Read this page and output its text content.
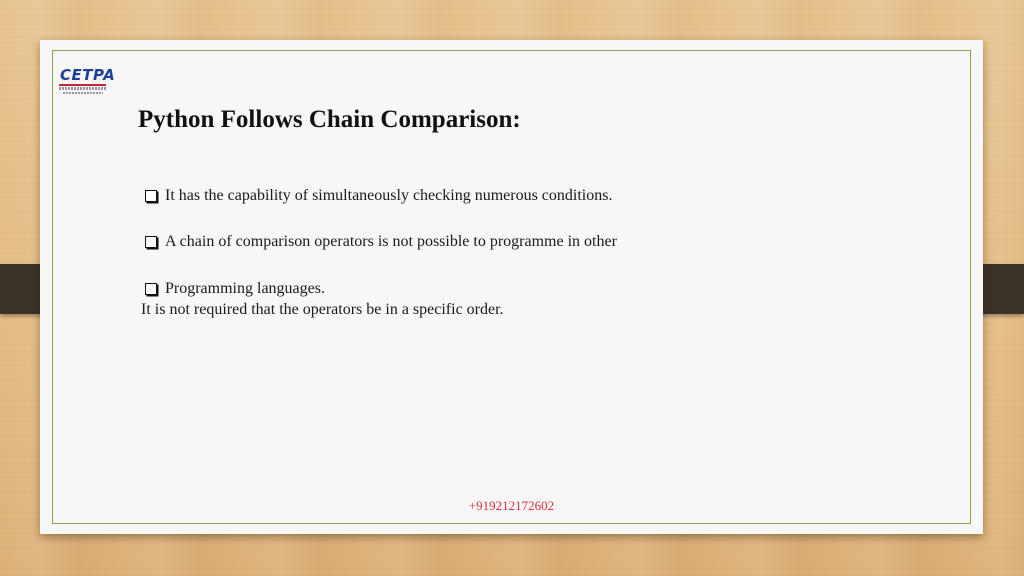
CETPA
Python Follows Chain Comparison:
It has the capability of simultaneously checking numerous conditions.
A chain of comparison operators is not possible to programme in other
Programming languages.
It is not required that the operators be in a specific order.
+919212172602
